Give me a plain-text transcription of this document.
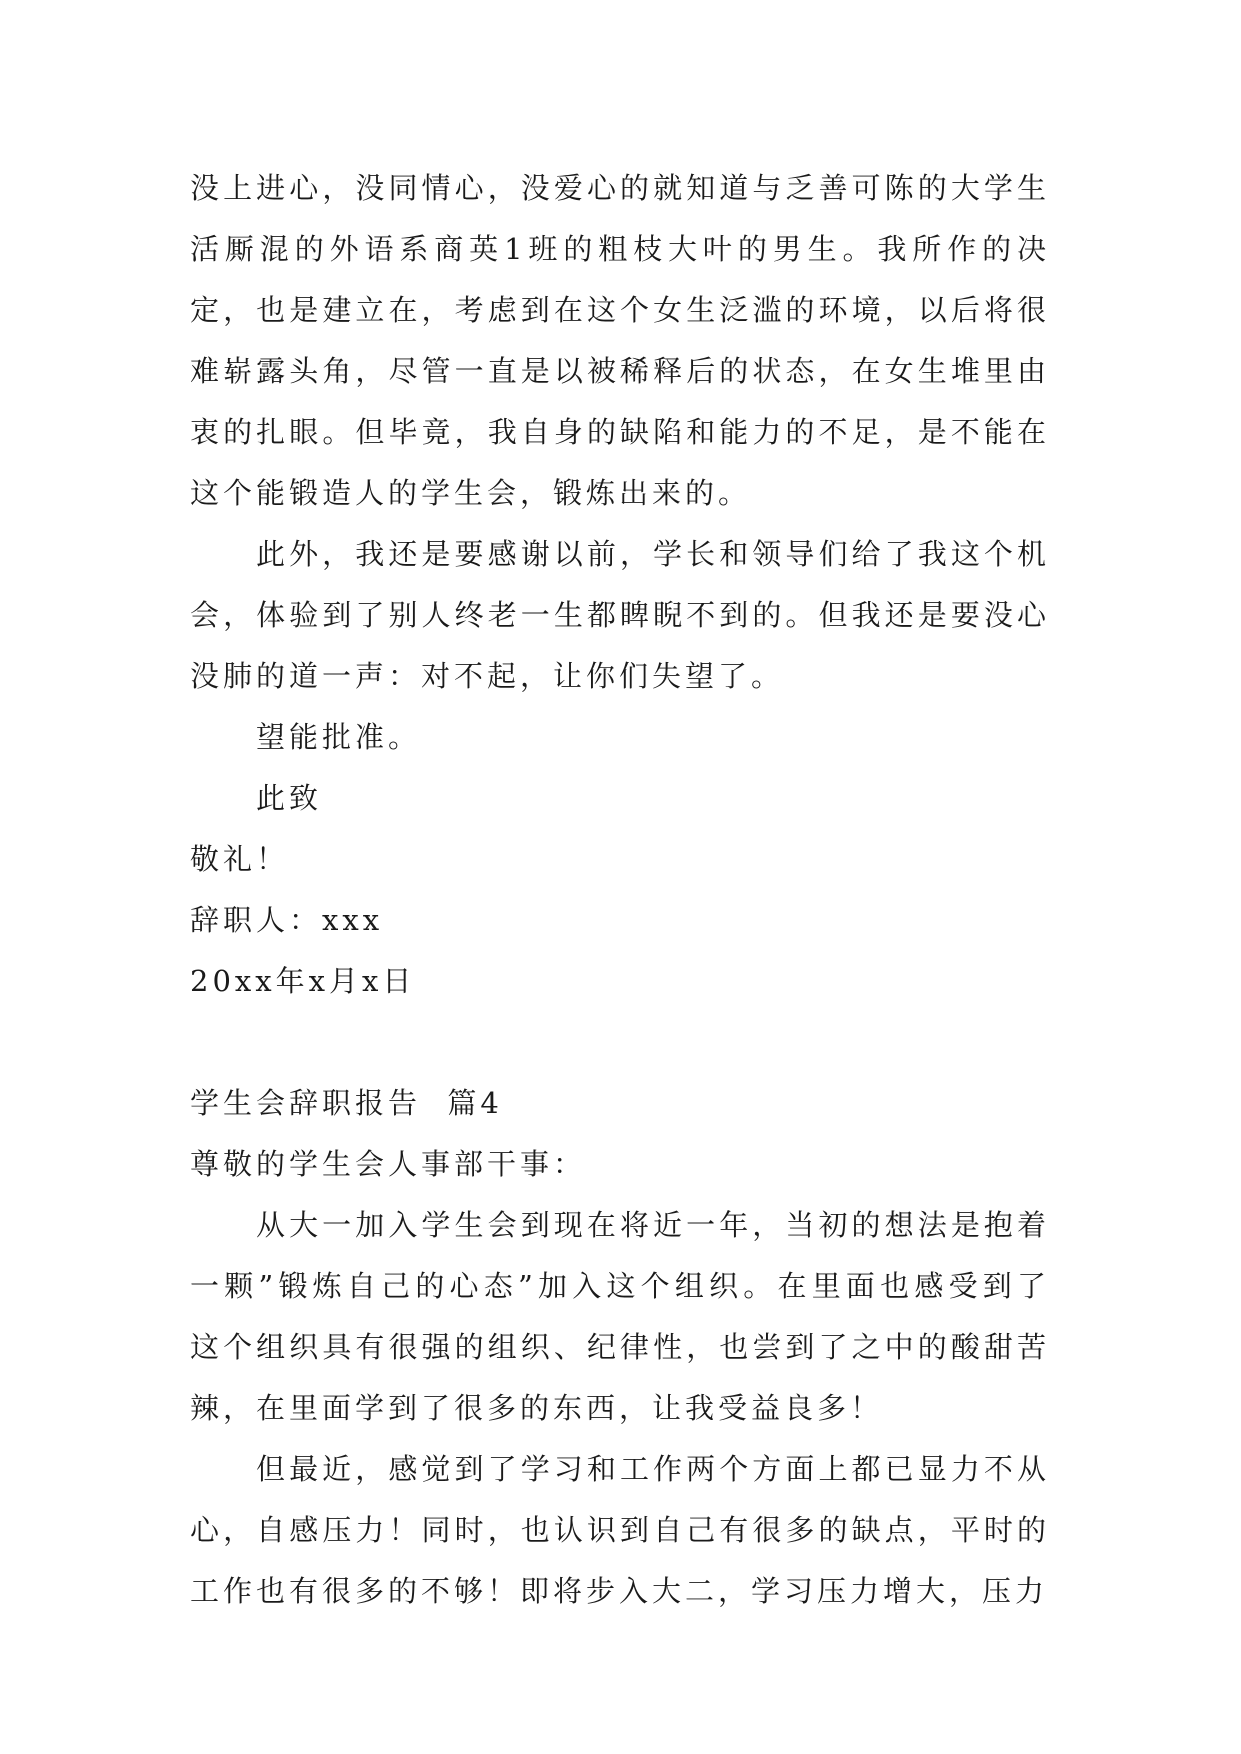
没上进心，没同情心，没爱心的就知道与乏善可陈的大学生活厮混的外语系商英1班的粗枝大叶的男生。我所作的决定，也是建立在，考虑到在这个女生泛滥的环境，以后将很难崭露头角，尽管一直是以被稀释后的状态，在女生堆里由衷的扎眼。但毕竟，我自身的缺陷和能力的不足，是不能在这个能锻造人的学生会，锻炼出来的。

此外，我还是要感谢以前，学长和领导们给了我这个机会，体验到了别人终老一生都睥睨不到的。但我还是要没心没肺的道一声：对不起，让你们失望了。

望能批准。

此致

敬礼！

辞职人：xxx

20xx年x月x日

学生会辞职报告  篇4

尊敬的学生会人事部干事：

从大一加入学生会到现在将近一年，当初的想法是抱着一颗”锻炼自己的心态”加入这个组织。在里面也感受到了这个组织具有很强的组织、纪律性，也尝到了之中的酸甜苦辣，在里面学到了很多的东西，让我受益良多！

但最近，感觉到了学习和工作两个方面上都已显力不从心，自感压力！同时，也认识到自己有很多的缺点，平时的工作也有很多的不够！即将步入大二，学习压力增大，压力
